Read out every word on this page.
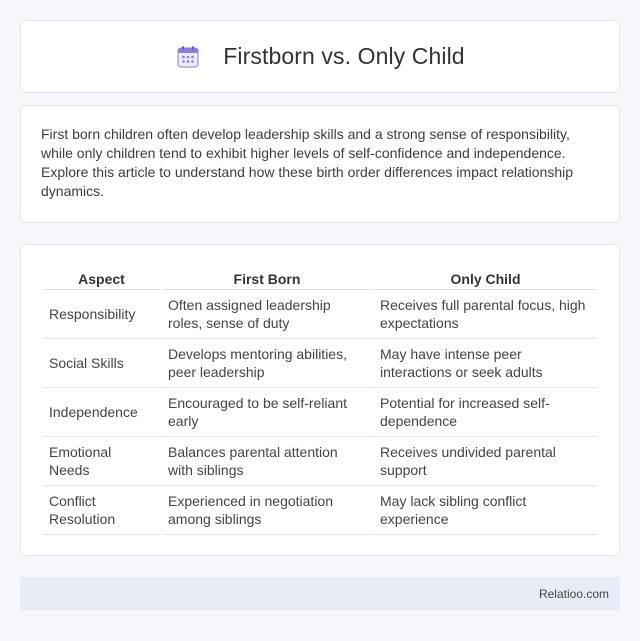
Firstborn vs. Only Child

First born children often develop leadership skills and a strong sense of responsibility, while only children tend to exhibit higher levels of self-confidence and independence. Explore this article to understand how these birth order differences impact relationship dynamics.

Aspect	First Born	Only Child
Responsibility	Often assigned leadership roles, sense of duty	Receives full parental focus, high expectations
Social Skills	Develops mentoring abilities, peer leadership	May have intense peer interactions or seek adults
Independence	Encouraged to be self-reliant early	Potential for increased self-dependence
Emotional Needs	Balances parental attention with siblings	Receives undivided parental support
Conflict Resolution	Experienced in negotiation among siblings	May lack sibling conflict experience
Relatioo.com
